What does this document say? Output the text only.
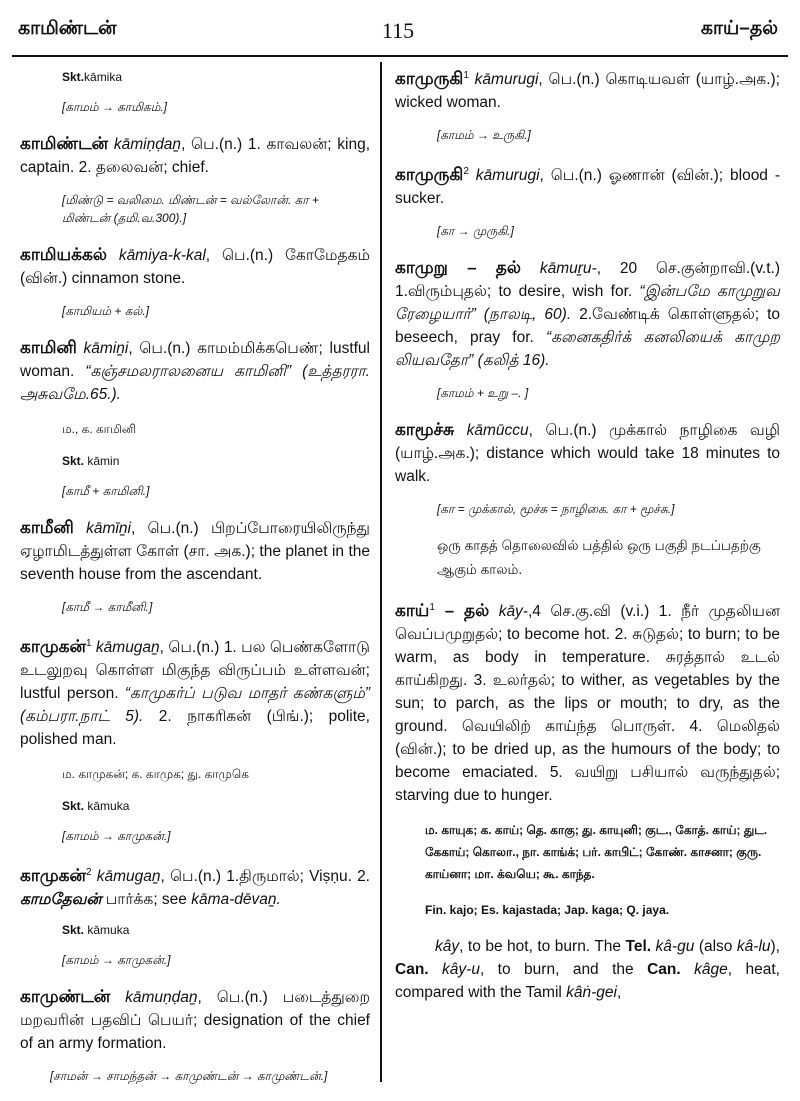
காமிண்டன்	115	காய்–தல்
Skt.kāmika
[காமம் → காமிகம்.]
காமிண்டன் kāmiṇḍaṉ, பெ.(n.) 1. காவலன்; king, captain. 2. தலைவன்; chief.
[மிண்டு = வலிமை. மிண்டன் = வல்லோன். கா + மிண்டன் (தமி.வ.300).]
காமியக்கல் kāmiya-k-kal, பெ.(n.) கோமேதகம் (வின்.) cinnamon stone.
[காமியம் + கல்.]
காமினி kāmiṉi, பெ.(n.) காமம்மிக்கபெண்; lustful woman. “கஞ்சமலராலனைய காமினி” (உத்தரரா. அசுவமே.65.).
ம., க. காமினி
Skt. kāmin
[காமீ + காமினி.]
காமீனி kāmīṉi, பெ.(n.) பிறப்போரையிலிருந்து ஏழாமிடத்துள்ள கோள் (சா. அக.); the planet in the seventh house from the ascendant.
[காமீ → காமீனி.]
காமுகன்$^1$ kāmugaṉ, பெ.(n.) 1. பல பெண்களோடு உடலுறவு கொள்ள மிகுந்த விருப்பம் உள்ளவன்; lustful person. “காமுகர்ப் படுவ மாதர் கண்களும்” (கம்பரா.நாட் 5). 2. நாகரிகன் (பிங்.); polite, polished man.
ம. காமுகன்; க. காமுக; து. காமுகெ
Skt. kāmuka
[காமம் → காமுகன்.]
காமுகன்$^2$ kāmugaṉ, பெ.(n.) 1.திருமால்; Viṣṇu. 2. காமதேவன் பார்க்க; see kāma-dēvaṉ.
Skt. kāmuka
[காமம் → காமுகன்.]
காமுண்டன் kāmuṇḍaṉ, பெ.(n.) படைத்துறை மறவரின் பதவிப் பெயர்; designation of the chief of an army formation.
[சாமன் → சாமந்தன் → காமுண்டன் → காமுண்டன்.]
காமுருகி$^1$ kāmurugi, பெ.(n.) கொடியவள் (யாழ்.அக.); wicked woman.
[காமம் → உருகி.]
காமுருகி$^2$ kāmurugi, பெ.(n.) ஓணான் (வின்.); blood - sucker.
[கா → முருகி.]
காமுறு – தல் kāmuṟu-, 20 செ.குன்றாவி.(v.t.) 1.விரும்புதல்; to desire, wish for. “இன்பமே காமுறுவ ரேழையார்” (நாலடி, 60). 2.வேண்டிக் கொள்ளுதல்; to beseech, pray for. “கனைகதிர்க் கனலியைக் காமுற லியவதோ” (கலித் 16).
[காமம் + உறு –. ]
காமூச்சு kāmūccu, பெ.(n.) முக்கால் நாழிகை வழி (யாழ்.அக.); distance which would take 18 minutes to walk.
[கா = முக்கால், மூச்சு = நாழிகை. கா + மூச்சு.]
ஒரு காதத் தொலைவில் பத்தில் ஒரு பகுதி நடப்பதற்கு ஆகும் காலம்.
காய்$^1$ – தல் kāy-,4 செ.கு.வி (v.i.) 1. நீர் முதலியன வெப்பமுறுதல்; to become hot. 2. சுடுதல்; to burn; to be warm, as body in temperature. சுரத்தால் உடல் காய்கிறது. 3. உலர்தல்; to wither, as vegetables by the sun; to parch, as the lips or mouth; to dry, as the ground. வெயிலிற் காய்ந்த பொருள். 4. மெலிதல் (வின்.); to be dried up, as the humours of the body; to become emaciated. 5. வயிறு பசியால் வருந்துதல்; starving due to hunger.
ம. காயுக; க. காய்; தெ. காகு; து. காயுனி; குட., கோத். காய்; துட. கேகாய்; கொலா., நா. காங்க்; பர். காபிட்; கோண். காசனா; குரு. காய்னா; மா. க்வயெ; கூ. காந்த.
Fin. kajo; Es. kajastada; Jap. kaga; Q. jaya.

kây, to be hot, to burn. The Tel. kâ-gu (also kâ-lu), Can. kây-u, to burn, and the Can. kâge, heat, compared with the Tamil kâṅ-gei,
